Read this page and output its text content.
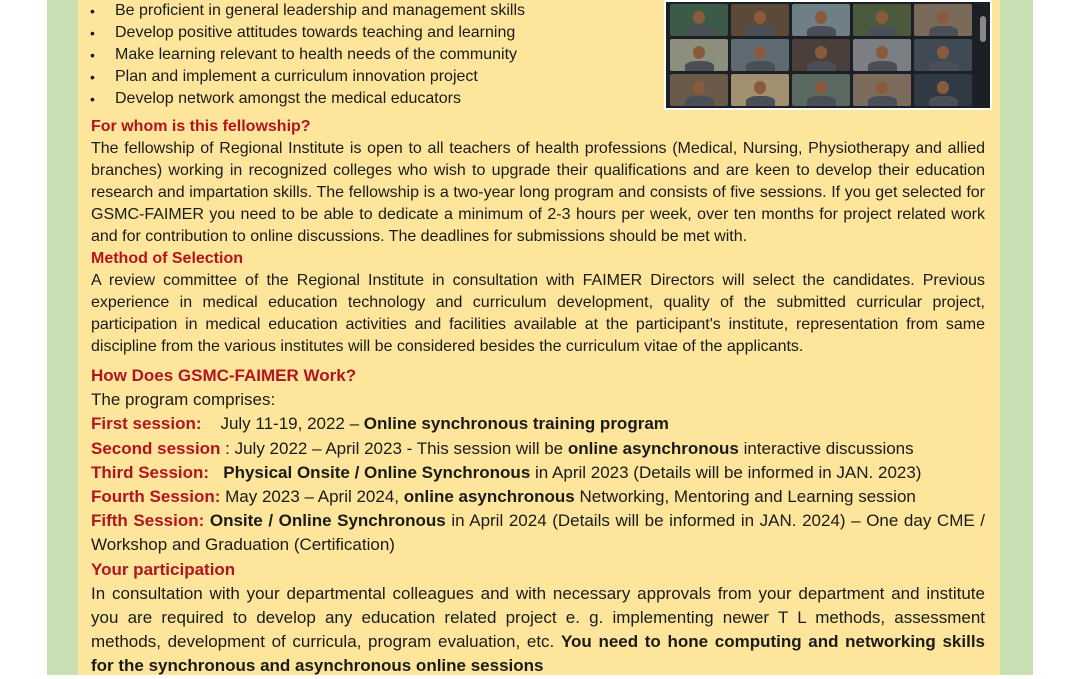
• Be proficient in general leadership and management skills
• Develop positive attitudes towards teaching and learning
• Make learning relevant to health needs of the community
• Plan and implement a curriculum innovation project
• Develop network amongst the medical educators

For whom is this fellowship?

The fellowship of Regional Institute is open to all teachers of health professions (Medical, Nursing, Physiotherapy and allied branches) working in recognized colleges who wish to upgrade their qualifications and are keen to develop their education research and impartation skills. The fellowship is a two-year long program and consists of five sessions. If you get selected for GSMC-FAIMER you need to be able to dedicate a minimum of 2-3 hours per week, over ten months for project related work and for contribution to online discussions. The deadlines for submissions should be met with.

Method of Selection

A review committee of the Regional Institute in consultation with FAIMER Directors will select the candidates. Previous experience in medical education technology and curriculum development, quality of the submitted curricular project, participation in medical education activities and facilities available at the participant's institute, representation from same discipline from the various institutes will be considered besides the curriculum vitae of the applicants.

How Does GSMC-FAIMER Work?

The program comprises:

First session: July 11-19, 2022 – Online synchronous training program

Second session : July 2022 – April 2023 - This session will be online asynchronous interactive discussions

Third Session: Physical Onsite / Online Synchronous in April 2023 (Details will be informed in JAN. 2023)

Fourth Session: May 2023 – April 2024, online asynchronous Networking, Mentoring and Learning session

Fifth Session: Onsite / Online Synchronous in April 2024 (Details will be informed in JAN. 2024) – One day CME / Workshop and Graduation (Certification)

Your participation

In consultation with your departmental colleagues and with necessary approvals from your department and institute you are required to develop any education related project e. g. implementing newer T L methods, assessment methods, development of curricula, program evaluation, etc. You need to hone computing and networking skills for the synchronous and asynchronous online sessions
